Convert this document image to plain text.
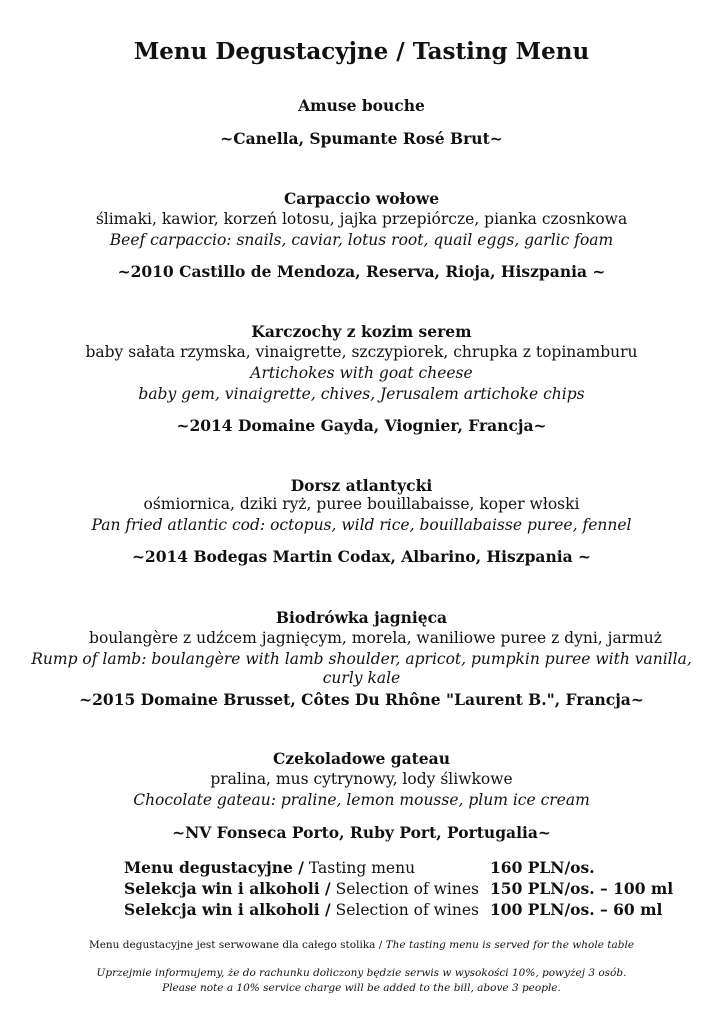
Menu Degustacyjne / Tasting Menu
Amuse bouche
~Canella, Spumante Rosé Brut~
Carpaccio wołowe
ślimaki, kawior, korzeń lotosu, jajka przepiórcze, pianka czosnkowa
Beef carpaccio: snails, caviar, lotus root, quail eggs, garlic foam
~2010 Castillo de Mendoza, Reserva, Rioja, Hiszpania ~
Karczochy z kozim serem
baby sałata rzymska, vinaigrette, szczypiorek, chrupka z topinamburu
Artichokes with goat cheese
baby gem, vinaigrette, chives, Jerusalem artichoke chips
~2014 Domaine Gayda, Viognier, Francja~
Dorsz atlantycki
ośmiornica, dziki ryż, puree bouillabaisse, koper włoski
Pan fried atlantic cod: octopus, wild rice, bouillabaisse puree, fennel
~2014 Bodegas Martin Codax, Albarino, Hiszpania ~
Biodrówka jagnięca
boulangère z udźcem jagnięcym, morela, waniliowe puree z dyni, jarmuż
Rump of lamb: boulangère with lamb shoulder, apricot, pumpkin puree with vanilla,
curly kale
~2015 Domaine Brusset, Côtes Du Rhône "Laurent B.", Francja~
Czekoladowe gateau
pralina, mus cytrynowy, lody śliwkowe
Chocolate gateau: praline, lemon mousse, plum ice cream
~NV Fonseca Porto, Ruby Port, Portugalia~
Menu degustacyjne / Tasting menu	160 PLN/os.
Selekcja win i alkoholi / Selection of wines 150 PLN/os. – 100 ml
Selekcja win i alkoholi / Selection of wines 100 PLN/os. – 60 ml
Menu degustacyjne jest serwowane dla całego stolika / The tasting menu is served for the whole table
Uprzejmie informujemy, że do rachunku doliczony będzie serwis w wysokości 10%, powyżej 3 osób.
Please note a 10% service charge will be added to the bill, above 3 people.
